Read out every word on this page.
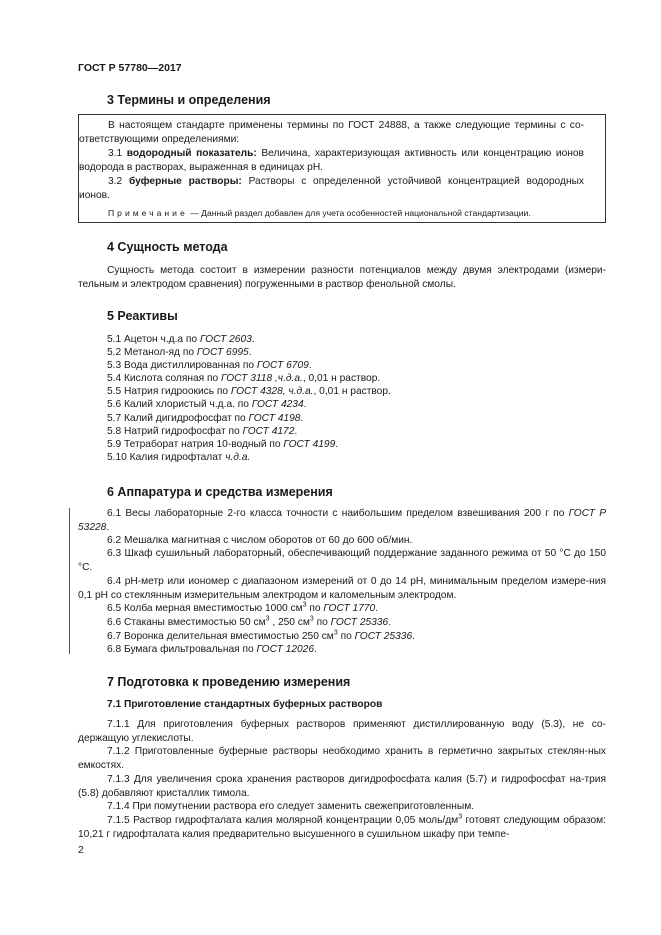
ГОСТ Р 57780—2017
3 Термины и определения
В настоящем стандарте применены термины по ГОСТ 24888, а также следующие термины с со-ответствующими определениями:
3.1 водородный показатель: Величина, характеризующая активность или концентрацию ионов водорода в растворах, выраженная в единицах pH.
3.2 буферные растворы: Растворы с определенной устойчивой концентрацией водородных ионов.
Примечание — Данный раздел добавлен для учета особенностей национальной стандартизации.
4 Сущность метода
Сущность метода состоит в измерении разности потенциалов между двумя электродами (измери-тельным и электродом сравнения) погруженными в раствор фенольной смолы.
5 Реактивы
5.1 Ацетон ч.д.а по ГОСТ 2603.
5.2 Метанол-яд по ГОСТ 6995.
5.3 Вода дистиллированная по ГОСТ 6709.
5.4 Кислота соляная по ГОСТ 3118 ,ч.д.а., 0,01 н раствор.
5.5 Натрия гидроокись по ГОСТ 4328, ч.д.а., 0,01 н раствор.
5.6 Калий хлористый ч.д.а. по ГОСТ 4234.
5.7 Калий дигидрофосфат по ГОСТ 4198.
5.8 Натрий гидрофосфат по ГОСТ 4172.
5.9 Тетраборат натрия 10-водный по ГОСТ 4199.
5.10 Калия гидрофталат ч.д.а.
6 Аппаратура и средства измерения
6.1 Весы лабораторные 2-го класса точности с наибольшим пределом взвешивания 200 г по ГОСТ Р 53228.
6.2 Мешалка магнитная с числом оборотов от 60 до 600 об/мин.
6.3 Шкаф сушильный лабораторный, обеспечивающий поддержание заданного режима от 50 °С до 150 °С.
6.4 pH-метр или иономер с диапазоном измерений от 0 до 14 pH, минимальным пределом измере-ния 0,1 pH со стеклянным измерительным электродом и каломельным электродом.
6.5 Колба мерная вместимостью 1000 $см^3$ по ГОСТ 1770.
6.6 Стаканы вместимостью 50 $см^3$ , 250 $см^3$ по ГОСТ 25336.
6.7 Воронка делительная вместимостью 250 $см^3$ по ГОСТ 25336.
6.8 Бумага фильтровальная по ГОСТ 12026.
7 Подготовка к проведению измерения
7.1 Приготовление стандартных буферных растворов
7.1.1 Для приготовления буферных растворов применяют дистиллированную воду (5.3), не со-держащую углекислоты.
7.1.2 Приготовленные буферные растворы необходимо хранить в герметично закрытых стеклян-ных емкостях.
7.1.3 Для увеличения срока хранения растворов дигидрофосфата калия (5.7) и гидрофосфат на-трия (5.8) добавляют кристаллик тимола.
7.1.4 При помутнении раствора его следует заменить свежеприготовленным.
7.1.5 Раствор гидрофталата калия молярной концентрации 0,05 моль/$дм^3$ готовят следующим образом: 10,21 г гидрофталата калия предварительно высушенного в сушильном шкафу при темпе-
2
